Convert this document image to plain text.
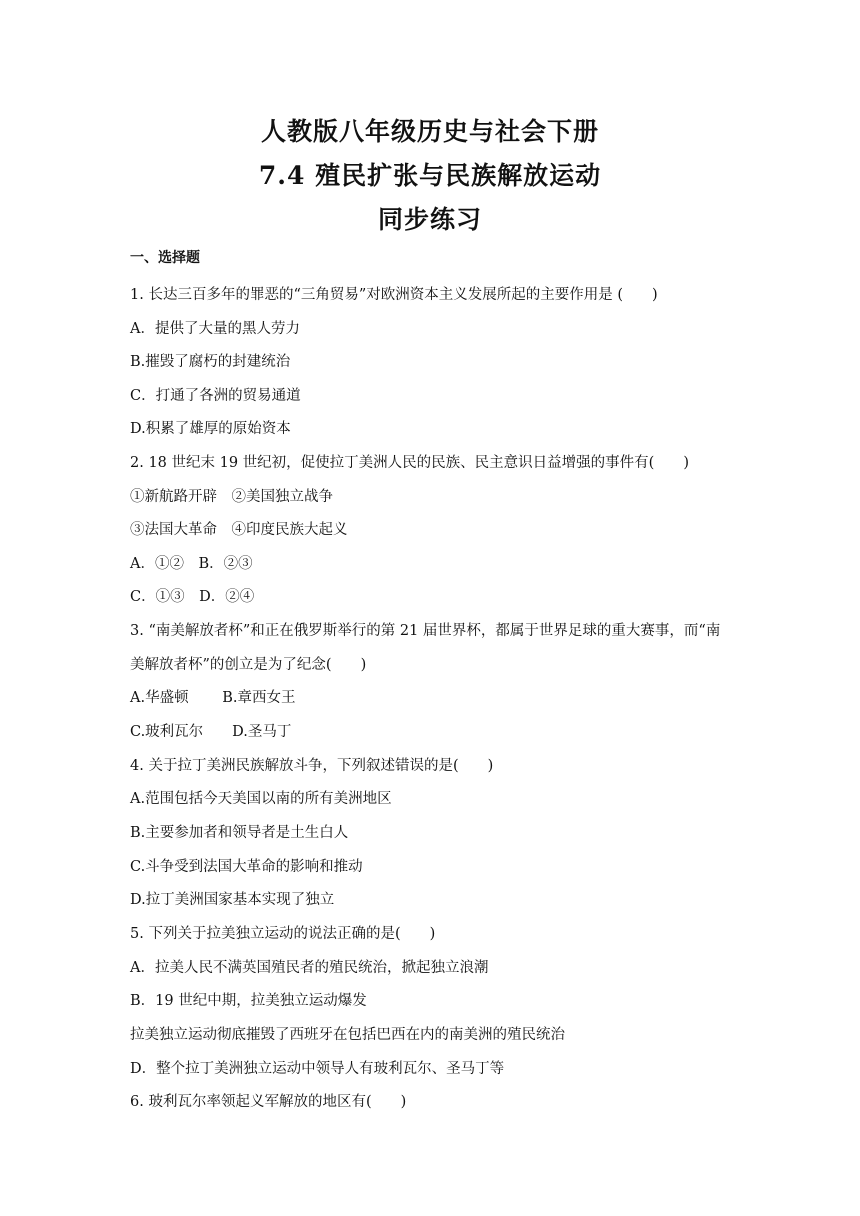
人教版八年级历史与社会下册
7.4 殖民扩张与民族解放运动
同步练习
一、选择题
1. 长达三百多年的罪恶的“三角贸易”对欧洲资本主义发展所起的主要作用是 (　　)
A．提供了大量的黑人劳力
B.摧毁了腐朽的封建统治
C．打通了各洲的贸易通道
D.积累了雄厚的原始资本
2. 18 世纪末 19 世纪初，促使拉丁美洲人民的民族、民主意识日益增强的事件有(　　)
①新航路开辟　②美国独立战争
③法国大革命　④印度民族大起义
A．①②　B．②③
C．①③　D．②④
3. “南美解放者杯”和正在俄罗斯举行的第 21 届世界杯，都属于世界足球的重大赛事，而“南
美解放者杯”的创立是为了纪念(　　)
A.华盛顿　　 B.章西女王
C.玻利瓦尔　　D.圣马丁
4. 关于拉丁美洲民族解放斗争，下列叙述错误的是(　　)
A.范围包括今天美国以南的所有美洲地区
B.主要参加者和领导者是土生白人
C.斗争受到法国大革命的影响和推动
D.拉丁美洲国家基本实现了独立
5. 下列关于拉美独立运动的说法正确的是(　　)
A．拉美人民不满英国殖民者的殖民统治，掀起独立浪潮
B．19 世纪中期，拉美独立运动爆发
拉美独立运动彻底摧毁了西班牙在包括巴西在内的南美洲的殖民统治
D．整个拉丁美洲独立运动中领导人有玻利瓦尔、圣马丁等
6. 玻利瓦尔率领起义军解放的地区有(　　)
